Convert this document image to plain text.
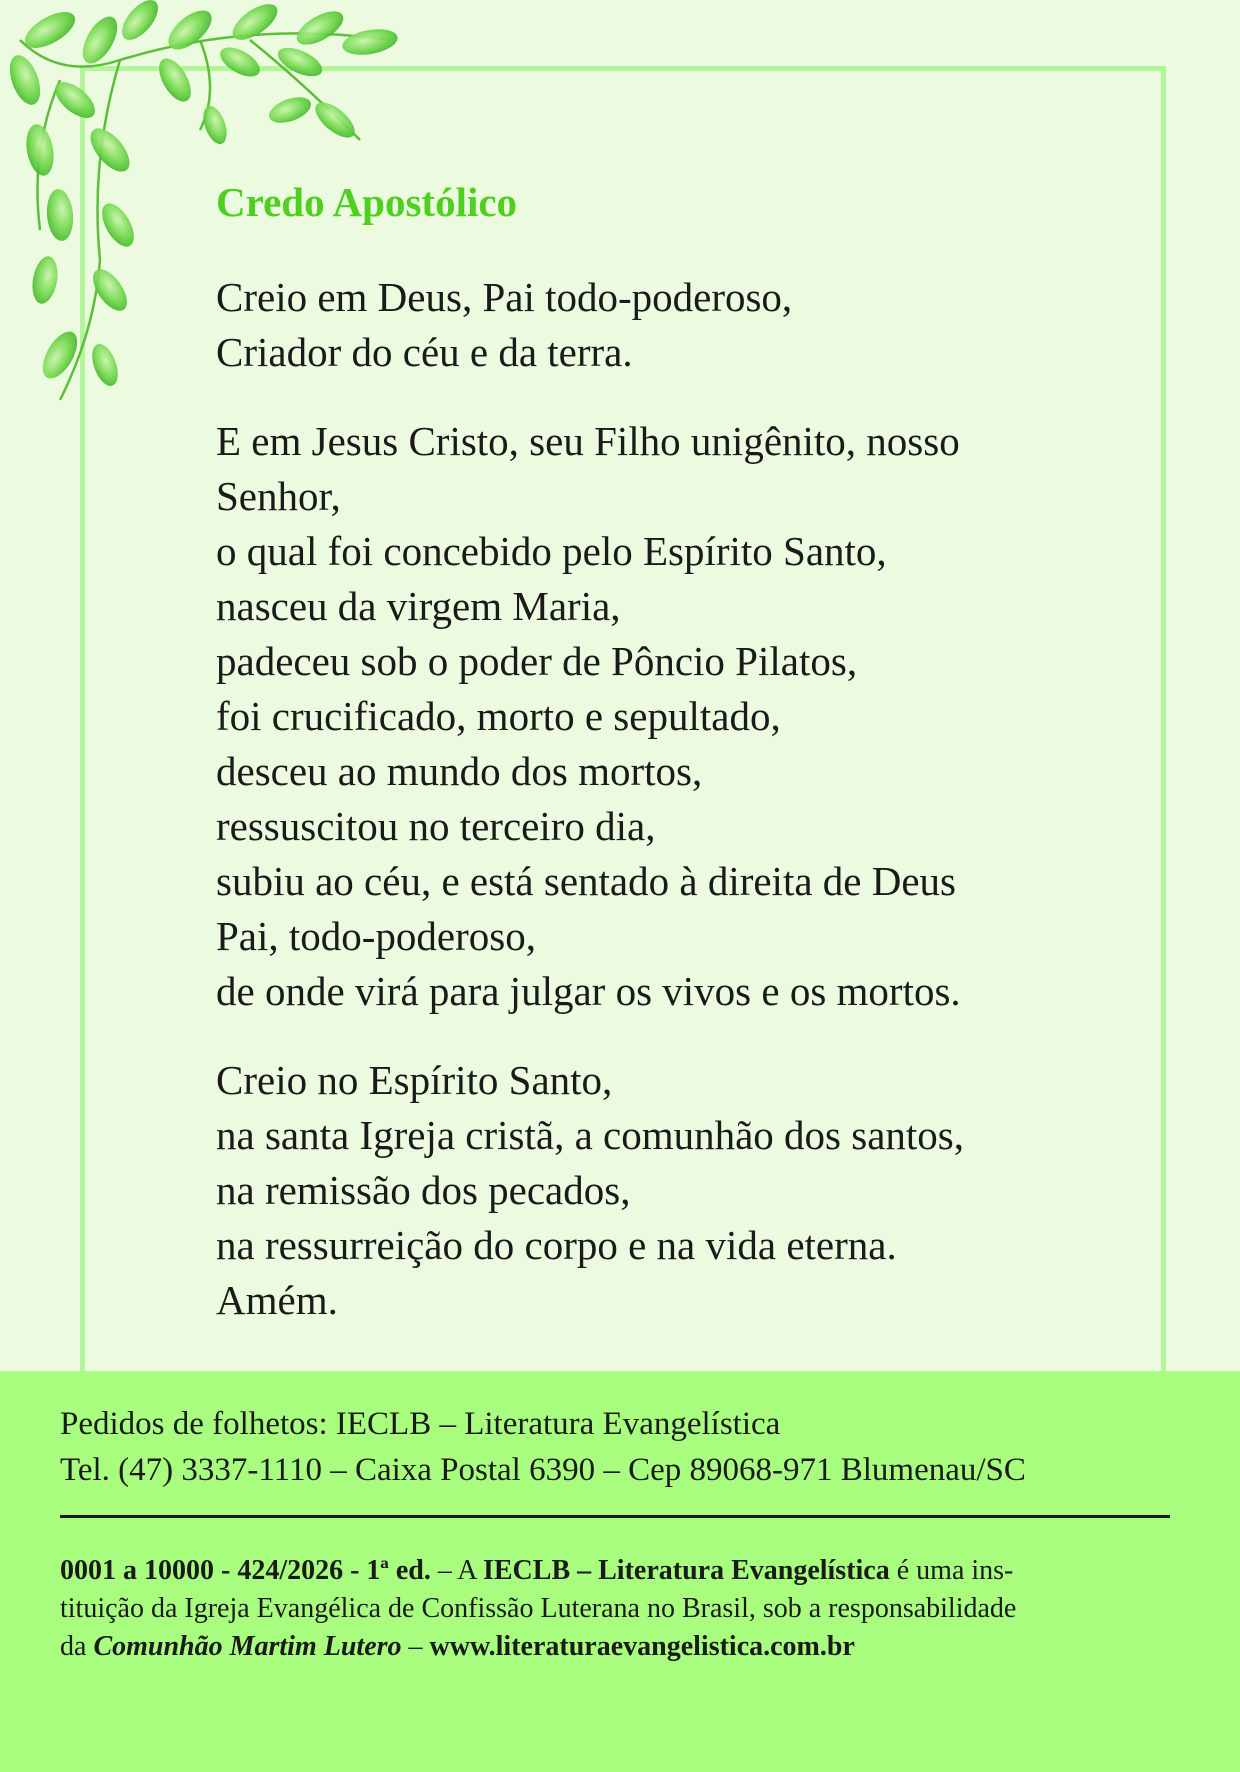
Credo Apostólico

Creio em Deus, Pai todo-poderoso,
Criador do céu e da terra.

E em Jesus Cristo, seu Filho unigênito, nosso
Senhor,
o qual foi concebido pelo Espírito Santo,
nasceu da virgem Maria,
padeceu sob o poder de Pôncio Pilatos,
foi crucificado, morto e sepultado,
desceu ao mundo dos mortos,
ressuscitou no terceiro dia,
subiu ao céu, e está sentado à direita de Deus
Pai, todo-poderoso,
de onde virá para julgar os vivos e os mortos.

Creio no Espírito Santo,
na santa Igreja cristã, a comunhão dos santos,
na remissão dos pecados,
na ressurreição do corpo e na vida eterna.
Amém.

Pedidos de folhetos: IECLB – Literatura Evangelística
Tel. (47) 3337-1110 – Caixa Postal 6390 – Cep 89068-971 Blumenau/SC
0001 a 10000 - 424/2026 - 1ª ed. – A IECLB – Literatura Evangelística é uma ins-
tituição da Igreja Evangélica de Confissão Luterana no Brasil, sob a responsabilidade
da Comunhão Martim Lutero – www.literaturaevangelistica.com.br
